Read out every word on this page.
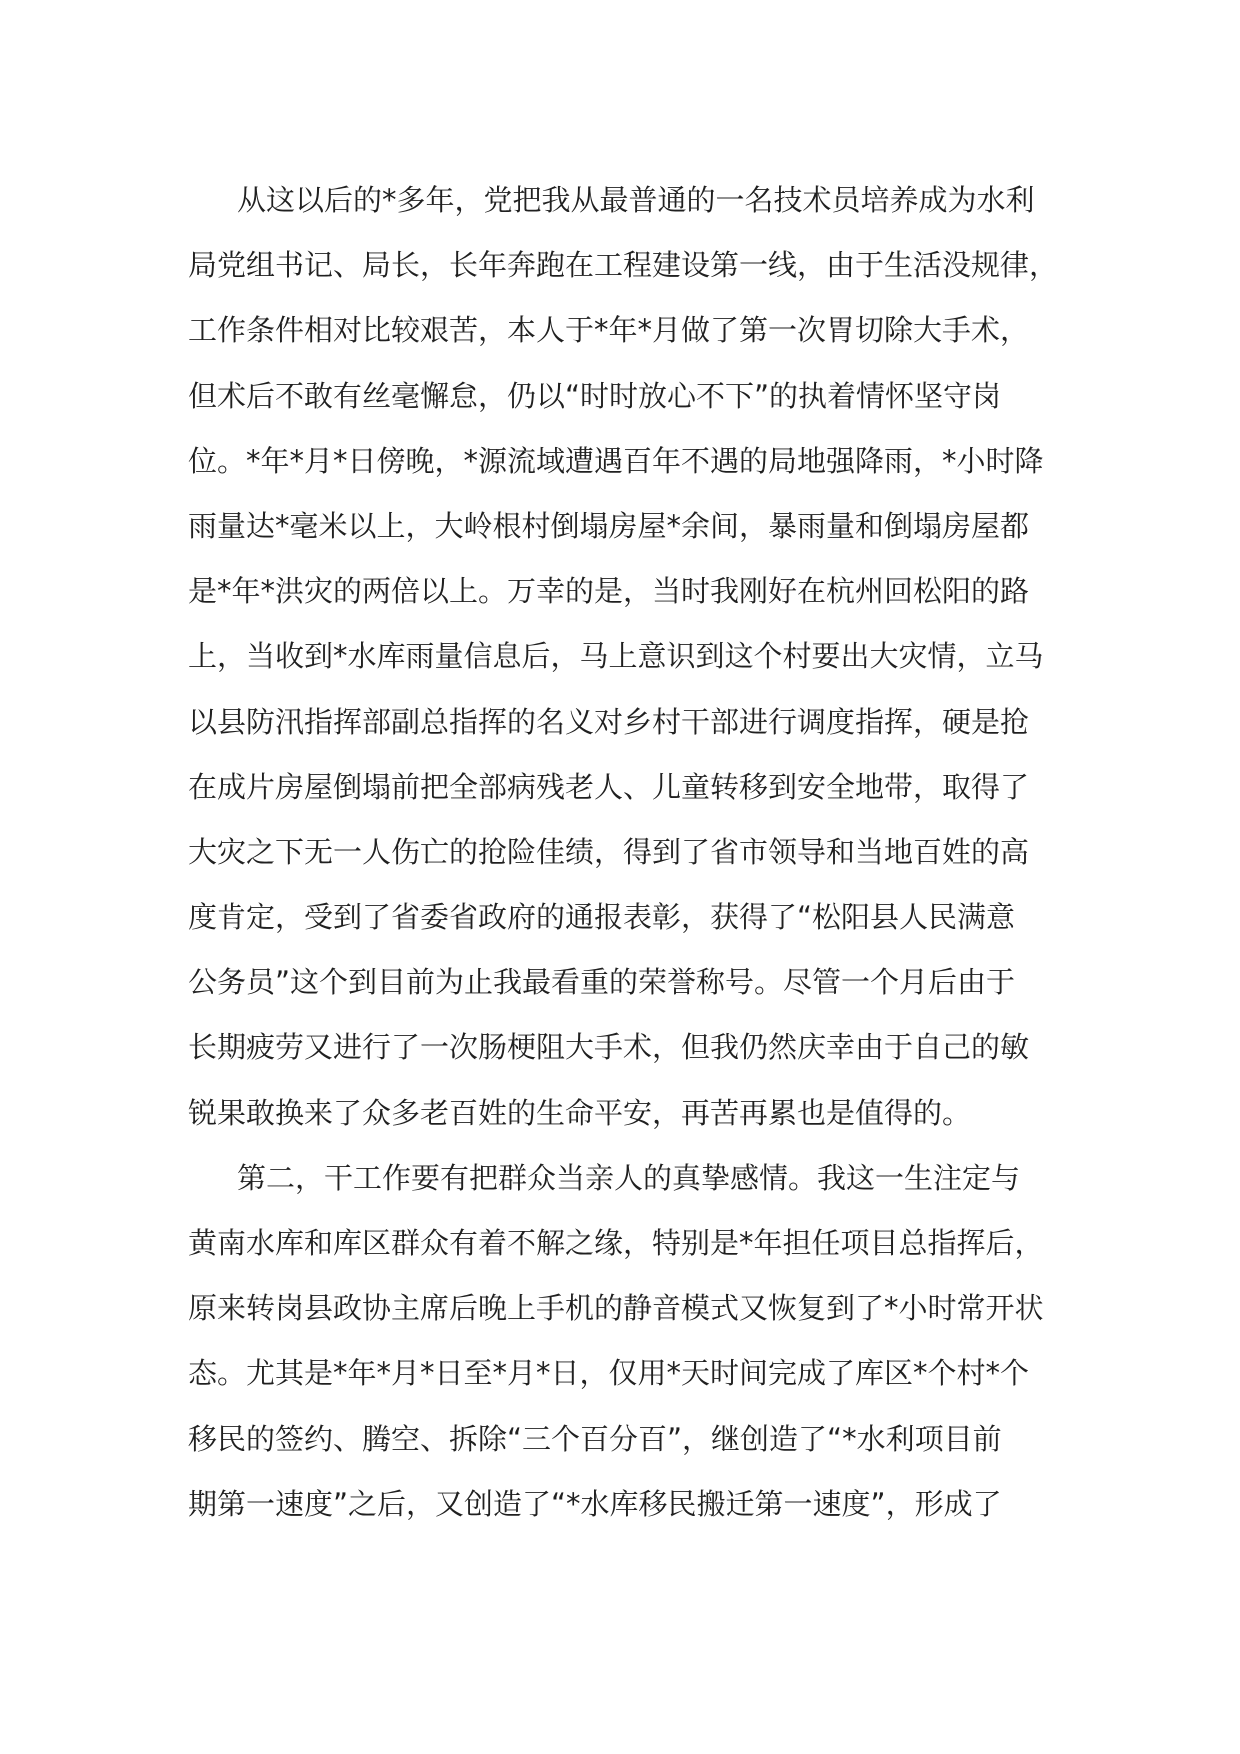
从这以后的*多年，党把我从最普通的一名技术员培养成为水利
局党组书记、局长，长年奔跑在工程建设第一线，由于生活没规律，
工作条件相对比较艰苦，本人于*年*月做了第一次胃切除大手术，
但术后不敢有丝毫懈怠，仍以“时时放心不下”的执着情怀坚守岗
位。*年*月*日傍晚，*源流域遭遇百年不遇的局地强降雨，*小时降
雨量达*毫米以上，大岭根村倒塌房屋*余间，暴雨量和倒塌房屋都
是*年*洪灾的两倍以上。万幸的是，当时我刚好在杭州回松阳的路
上，当收到*水库雨量信息后，马上意识到这个村要出大灾情，立马
以县防汛指挥部副总指挥的名义对乡村干部进行调度指挥，硬是抢
在成片房屋倒塌前把全部病残老人、儿童转移到安全地带，取得了
大灾之下无一人伤亡的抢险佳绩，得到了省市领导和当地百姓的高
度肯定，受到了省委省政府的通报表彰，获得了“松阳县人民满意
公务员”这个到目前为止我最看重的荣誉称号。尽管一个月后由于
长期疲劳又进行了一次肠梗阻大手术，但我仍然庆幸由于自己的敏
锐果敢换来了众多老百姓的生命平安，再苦再累也是值得的。
第二，干工作要有把群众当亲人的真挚感情。我这一生注定与
黄南水库和库区群众有着不解之缘，特别是*年担任项目总指挥后，
原来转岗县政协主席后晚上手机的静音模式又恢复到了*小时常开状
态。尤其是*年*月*日至*月*日，仅用*天时间完成了库区*个村*个
移民的签约、腾空、拆除“三个百分百”，继创造了“*水利项目前
期第一速度”之后，又创造了“*水库移民搬迁第一速度”，形成了
